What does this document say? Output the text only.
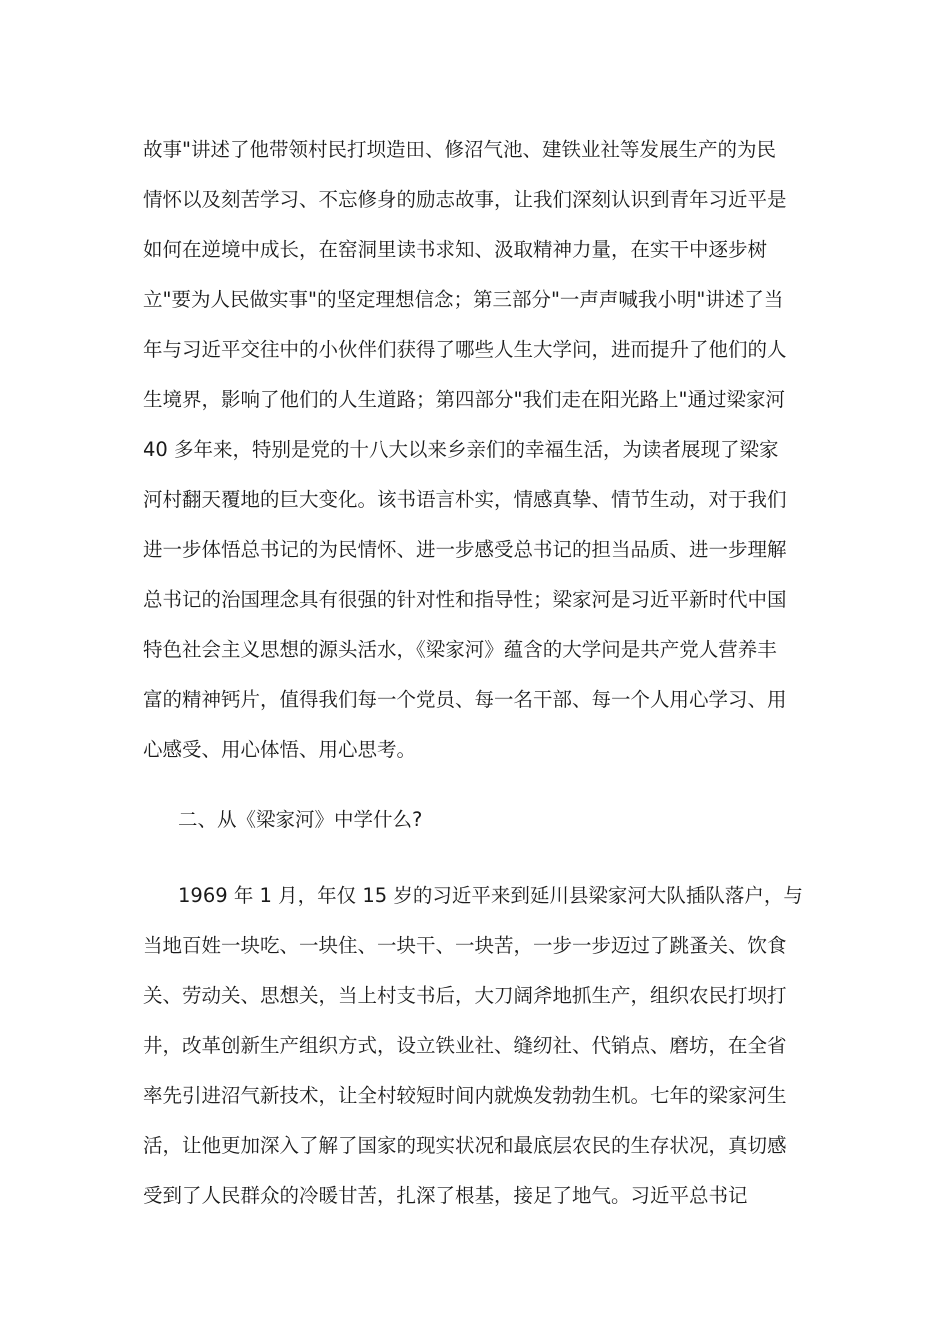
故事"讲述了他带领村民打坝造田、修沼气池、建铁业社等发展生产的为民
情怀以及刻苦学习、不忘修身的励志故事，让我们深刻认识到青年习近平是
如何在逆境中成长，在窑洞里读书求知、汲取精神力量，在实干中逐步树
立"要为人民做实事"的坚定理想信念；第三部分"一声声喊我小明"讲述了当
年与习近平交往中的小伙伴们获得了哪些人生大学问，进而提升了他们的人
生境界，影响了他们的人生道路；第四部分"我们走在阳光路上"通过梁家河
40 多年来，特别是党的十八大以来乡亲们的幸福生活，为读者展现了梁家
河村翻天覆地的巨大变化。该书语言朴实，情感真挚、情节生动，对于我们
进一步体悟总书记的为民情怀、进一步感受总书记的担当品质、进一步理解
总书记的治国理念具有很强的针对性和指导性；梁家河是习近平新时代中国
特色社会主义思想的源头活水，《梁家河》蕴含的大学问是共产党人营养丰
富的精神钙片，值得我们每一个党员、每一名干部、每一个人用心学习、用
心感受、用心体悟、用心思考。
二、从《梁家河》中学什么?
1969 年 1 月，年仅 15 岁的习近平来到延川县梁家河大队插队落户，与
当地百姓一块吃、一块住、一块干、一块苦，一步一步迈过了跳蚤关、饮食
关、劳动关、思想关，当上村支书后，大刀阔斧地抓生产，组织农民打坝打
井，改革创新生产组织方式，设立铁业社、缝纫社、代销点、磨坊，在全省
率先引进沼气新技术，让全村较短时间内就焕发勃勃生机。七年的梁家河生
活，让他更加深入了解了国家的现实状况和最底层农民的生存状况，真切感
受到了人民群众的冷暖甘苦，扎深了根基，接足了地气。习近平总书记
